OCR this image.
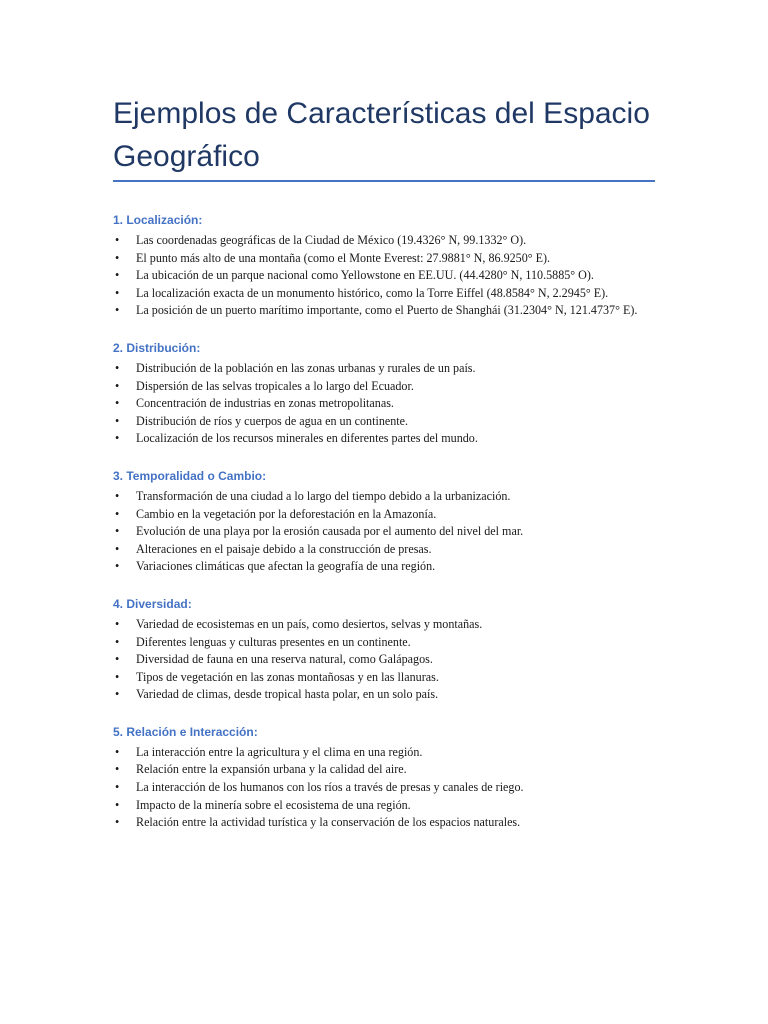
Ejemplos de Características del Espacio Geográfico
1. Localización:
• Las coordenadas geográficas de la Ciudad de México (19.4326° N, 99.1332° O).
• El punto más alto de una montaña (como el Monte Everest: 27.9881° N, 86.9250° E).
• La ubicación de un parque nacional como Yellowstone en EE.UU. (44.4280° N, 110.5885° O).
• La localización exacta de un monumento histórico, como la Torre Eiffel (48.8584° N, 2.2945° E).
• La posición de un puerto marítimo importante, como el Puerto de Shanghái (31.2304° N, 121.4737° E).
2. Distribución:
• Distribución de la población en las zonas urbanas y rurales de un país.
• Dispersión de las selvas tropicales a lo largo del Ecuador.
• Concentración de industrias en zonas metropolitanas.
• Distribución de ríos y cuerpos de agua en un continente.
• Localización de los recursos minerales en diferentes partes del mundo.
3. Temporalidad o Cambio:
• Transformación de una ciudad a lo largo del tiempo debido a la urbanización.
• Cambio en la vegetación por la deforestación en la Amazonía.
• Evolución de una playa por la erosión causada por el aumento del nivel del mar.
• Alteraciones en el paisaje debido a la construcción de presas.
• Variaciones climáticas que afectan la geografía de una región.
4. Diversidad:
• Variedad de ecosistemas en un país, como desiertos, selvas y montañas.
• Diferentes lenguas y culturas presentes en un continente.
• Diversidad de fauna en una reserva natural, como Galápagos.
• Tipos de vegetación en las zonas montañosas y en las llanuras.
• Variedad de climas, desde tropical hasta polar, en un solo país.
5. Relación e Interacción:
• La interacción entre la agricultura y el clima en una región.
• Relación entre la expansión urbana y la calidad del aire.
• La interacción de los humanos con los ríos a través de presas y canales de riego.
• Impacto de la minería sobre el ecosistema de una región.
• Relación entre la actividad turística y la conservación de los espacios naturales.
